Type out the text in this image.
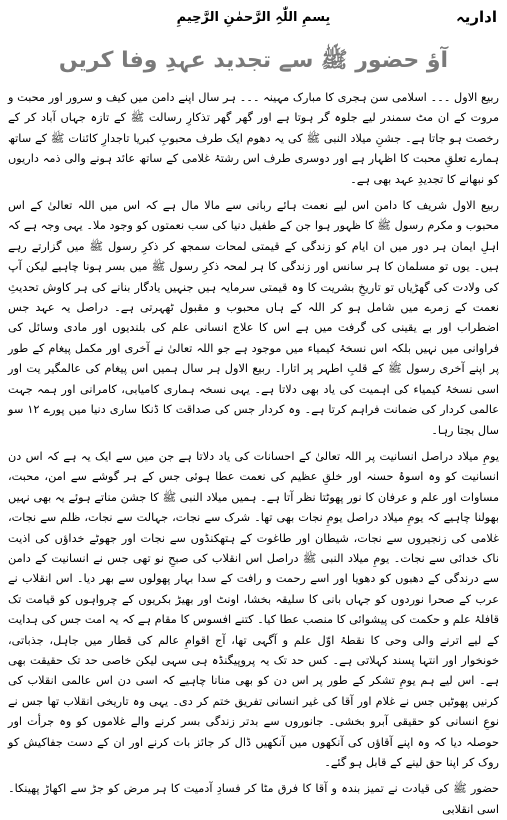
اداریہ
بِسمِ اللّٰہِ الرَّحمٰنِ الرَّحِیمِ
آؤ حضور ﷺ سے تجدید عہدِ وفا کریں

ربیع الاول ۔۔۔ اسلامی سن ہجری کا مبارک مہینہ ۔۔۔ ہر سال اپنے دامن میں کیف و سرور اور محبت و مروت کے ان مٹ سمندر لیے جلوہ گر ہوتا ہے اور گھر گھر تذکارِ رسالت ﷺ کے تازہ جہاں آباد کر کے رخصت ہو جاتا ہے۔ جشنِ میلاد النبی ﷺ کی یہ دھوم ایک طرف محبوبِ کبریا تاجدارِ کائنات ﷺ کے ساتھ ہمارے تعلقِ محبت کا اظہار ہے اور دوسری طرف اس رشتۂ غلامی کے ساتھ عائد ہونے والی ذمہ داریوں کو نبھانے کا تجدیدِ عہد بھی ہے۔

ربیع الاول شریف کا دامن اس لیے نعمت ہائے ربانی سے مالا مال ہے کہ اس میں اللہ تعالیٰ کے اس محبوب و مکرم رسول ﷺ کا ظہور ہوا جن کے طفیل دنیا کی سب نعمتوں کو وجود ملا۔ یہی وجہ ہے کہ اہلِ ایمان ہر دور میں ان ایام کو زندگی کے قیمتی لمحات سمجھ کر ذکرِ رسول ﷺ میں گزارتے رہے ہیں۔ یوں تو مسلمان کا ہر سانس اور زندگی کا ہر لمحہ ذکرِ رسول ﷺ میں بسر ہونا چاہیے لیکن آپ کی ولادت کی گھڑیاں تو تاریخِ بشریت کا وہ قیمتی سرمایہ ہیں جنہیں یادگار بنانے کی ہر کاوش تحدیثِ نعمت کے زمرے میں شامل ہو کر اللہ کے ہاں محبوب و مقبول ٹھہرتی ہے۔ دراصل یہ عہد جس اضطراب اور بے یقینی کی گرفت میں ہے اس کا علاج انسانی علم کی بلندیوں اور مادی وسائل کی فراوانی میں نہیں بلکہ اس نسخۂ کیمیاء میں موجود ہے جو اللہ تعالیٰ نے آخری اور مکمل پیغام کے طور پر اپنے آخری رسول ﷺ کے قلبِ اطہر پر اتارا۔ ربیع الاول ہر سال ہمیں اس پیغام کی عالمگیر یت اور اسی نسخۂ کیمیاء کی اہمیت کی یاد بھی دلاتا ہے۔ یہی نسخہ ہماری کامیابی، کامرانی اور ہمہ جہت عالمی کردار کی ضمانت فراہم کرتا ہے۔ وہ کردار جس کی صداقت کا ڈنکا ساری دنیا میں پورے ۱۲ سو سال بجتا رہا۔

یومِ میلاد دراصل انسانیت پر اللہ تعالیٰ کے احسانات کی یاد دلاتا ہے جن میں سے ایک یہ ہے کہ اس دن انسانیت کو وہ اسوۂ حسنہ اور خلقِ عظیم کی نعمت عطا ہوئی جس کے ہر گوشے سے امن، محبت، مساوات اور علم و عرفان کا نور پھوٹتا نظر آتا ہے۔ ہمیں میلاد النبی ﷺ کا جشن مناتے ہوئے یہ بھی نہیں بھولنا چاہیے کہ یومِ میلاد دراصل یومِ نجات بھی تھا۔ شرک سے نجات، جہالت سے نجات، ظلم سے نجات، غلامی کی زنجیروں سے نجات، شیطان اور طاغوت کے ہتھکنڈوں سے نجات اور جھوٹے خداؤں کی اذیت ناک خدائی سے نجات۔ یومِ میلاد النبی ﷺ دراصل اس انقلاب کی صبحِ نو تھی جس نے انسانیت کے دامن سے درندگی کے دھبوں کو دھویا اور اسے رحمت و رافت کے سدا بہار پھولوں سے بھر دیا۔ اس انقلاب نے عرب کے صحرا نوردوں کو جہاں بانی کا سلیقہ بخشا، اونٹ اور بھیڑ بکریوں کے چرواہوں کو قیامت تک قافلۂ علم و حکمت کی پیشوائی کا منصب عطا کیا۔ کتنے افسوس کا مقام ہے کہ یہ امت جس کی ہدایت کے لیے اترنے والی وحی کا نقطۂ اوّل علم و آگہی تھا، آج اقوامِ عالم کی قطار میں جاہل، جذباتی، خونخوار اور انتہا پسند کہلاتی ہے۔ کس حد تک یہ پروپیگنڈہ ہی سہی لیکن خاصی حد تک حقیقت بھی ہے۔ اس لیے ہم یومِ تشکر کے طور پر اس دن کو بھی منانا چاہیے کہ اسی دن اس عالمی انقلاب کی کرنیں پھوٹیں جس نے غلام اور آقا کی غیر انسانی تفریق ختم کر دی۔ یہی وہ تاریخی انقلاب تھا جس نے نوعِ انسانی کو حقیقی آبرو بخشی۔ جانوروں سے بدتر زندگی بسر کرنے والے غلاموں کو وہ جرأت اور حوصلہ دیا کہ وہ اپنے آقاؤں کی آنکھوں میں آنکھیں ڈال کر جائز بات کرنے اور ان کے دست جفاکیش کو روک کر اپنا حق لینے کے قابل ہو گئے۔

حضور ﷺ کی قیادت نے تمیز بندہ و آقا کا فرق مٹا کر فسادِ آدمیت کا ہر مرض کو جڑ سے اکھاڑ پھینکا۔ اسی انقلابی
